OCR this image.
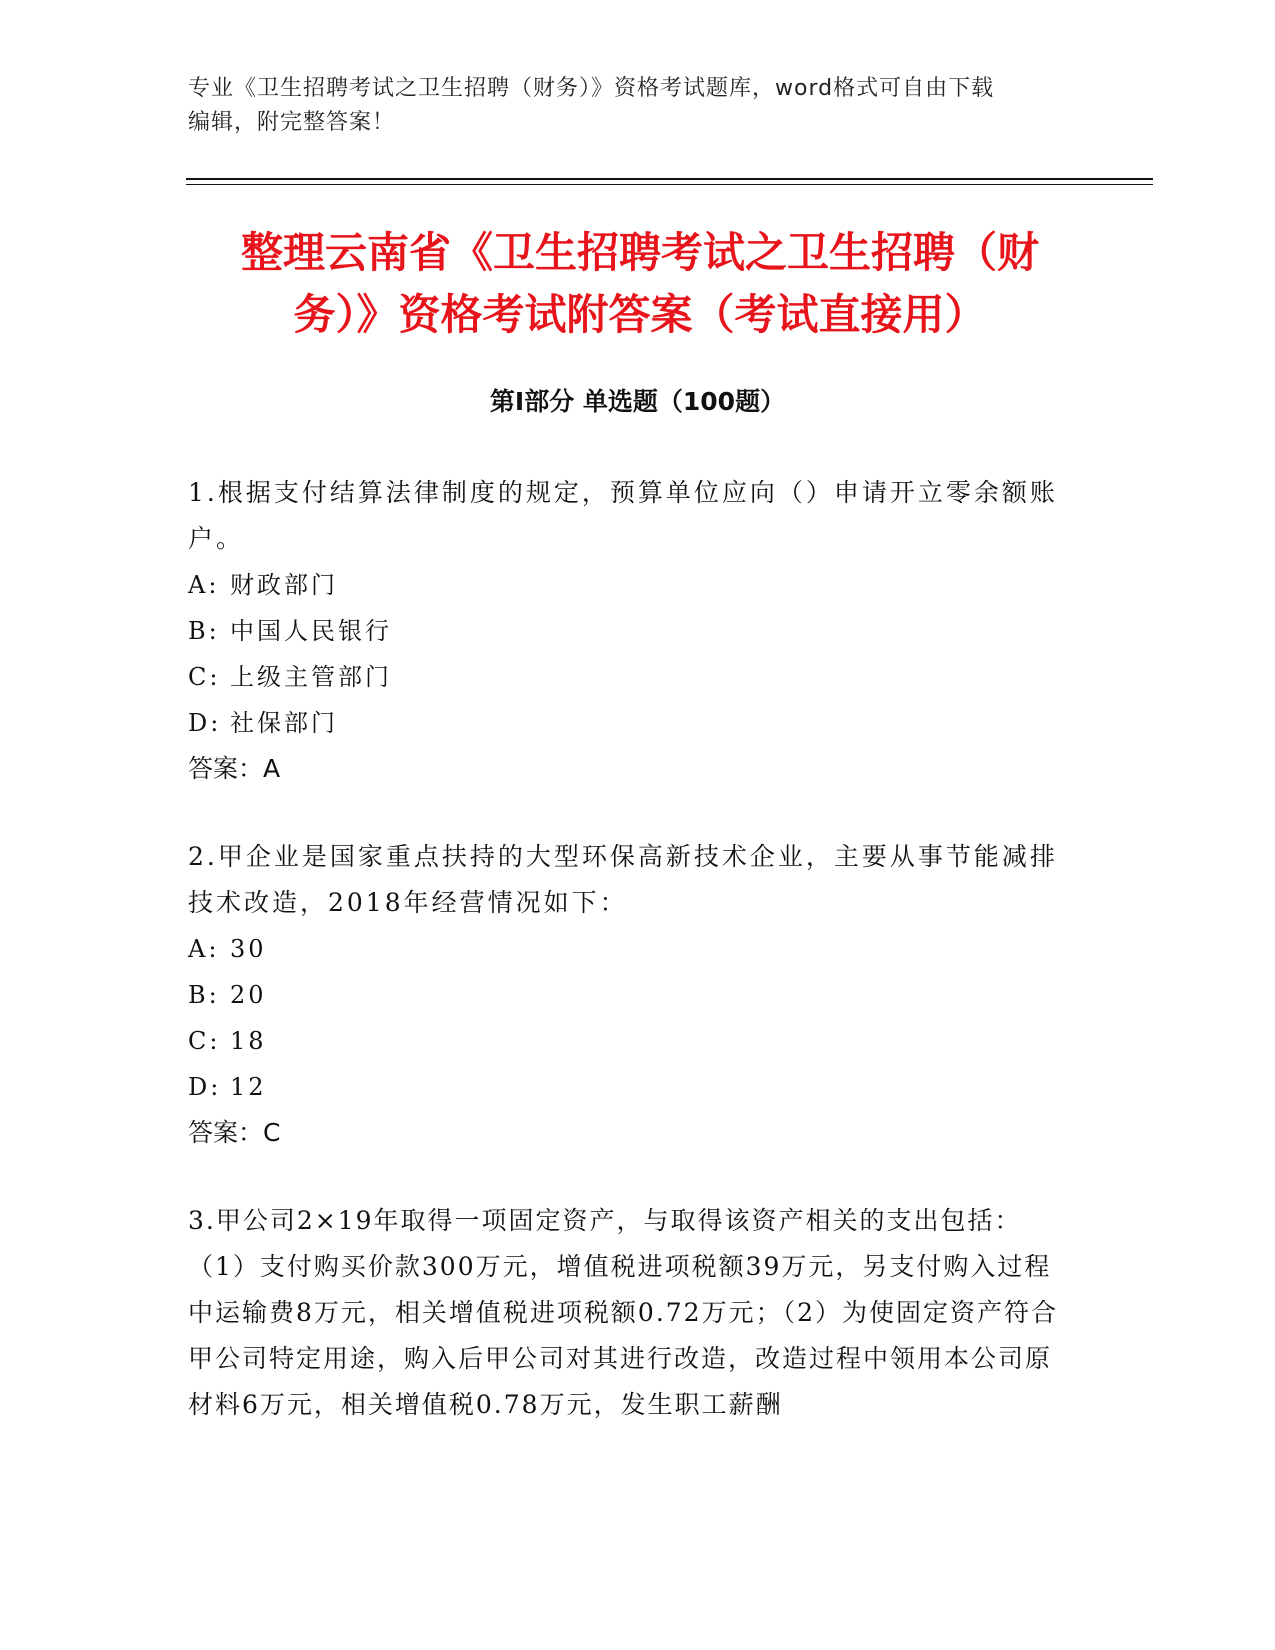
专业《卫生招聘考试之卫生招聘（财务）》资格考试题库，word格式可自由下载
编辑，附完整答案！
整理云南省《卫生招聘考试之卫生招聘（财
务）》资格考试附答案（考试直接用）
第Ⅰ部分 单选题（100题）

1.根据支付结算法律制度的规定，预算单位应向（）申请开立零余额账户。

A: 财政部门

B: 中国人民银行

C: 上级主管部门

D: 社保部门

答案：A

2.甲企业是国家重点扶持的大型环保高新技术企业，主要从事节能减排技术改造，2018年经营情况如下：

A: 30

B: 20

C: 18

D: 12

答案：C

3.甲公司2×19年取得一项固定资产，与取得该资产相关的支出包括：（1）支付购买价款300万元，增值税进项税额39万元，另支付购入过程中运输费8万元，相关增值税进项税额0.72万元；（2）为使固定资产符合甲公司特定用途，购入后甲公司对其进行改造，改造过程中领用本公司原材料6万元，相关增值税0.78万元，发生职工薪酬
